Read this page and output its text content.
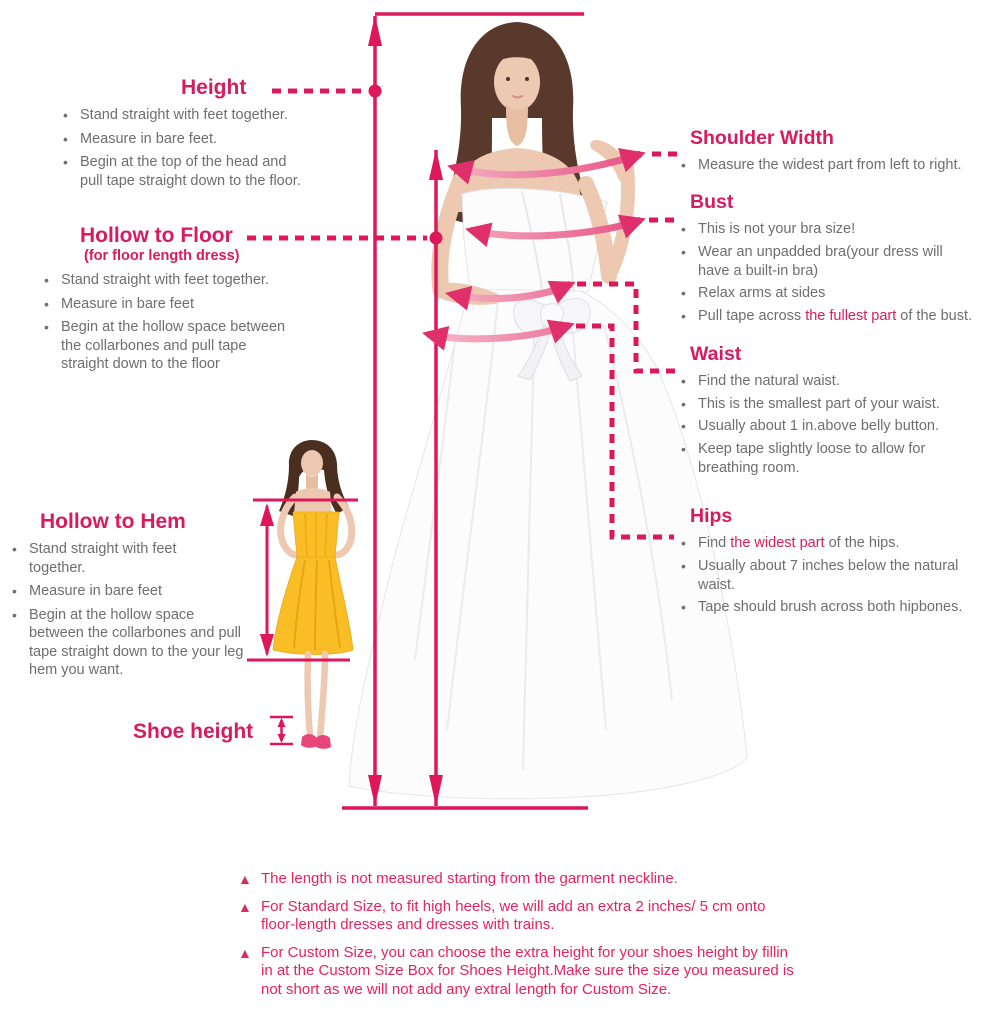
Height
• Stand straight with feet together.
• Measure in bare feet.
• Begin at the top of the head and
pull tape straight down to the floor.
Hollow to Floor
(for floor length dress)
• Stand straight with feet together.
• Measure in bare feet
• Begin at the hollow space between
the collarbones and pull tape
straight down to the floor
Hollow to Hem
• Stand straight with feet
together.
• Measure in bare feet
• Begin at the hollow space
between the collarbones and pull
tape straight down to the your leg
hem you want.
Shoe height
Shoulder Width
• Measure the widest part from left to right.
Bust
• This is not your bra size!
• Wear an unpadded bra(your dress will
have a built-in bra)
• Relax arms at sides
• Pull tape across the fullest part of the bust.
Waist
• Find the natural waist.
• This is the smallest part of your waist.
• Usually about 1 in.above belly button.
• Keep tape slightly loose to allow for
breathing room.
Hips
• Find the widest part of the hips.
• Usually about 7 inches below the natural
waist.
• Tape should brush across both hipbones.
▲ The length is not measured starting from the garment neckline.
▲ For Standard Size, to fit high heels, we will add an extra 2 inches/ 5 cm onto
floor-length dresses and dresses with trains.
▲ For Custom Size, you can choose the extra height for your shoes height by fillin
in at the Custom Size Box for Shoes Height.Make sure the size you measured is
not short as we will not add any extral length for Custom Size.
